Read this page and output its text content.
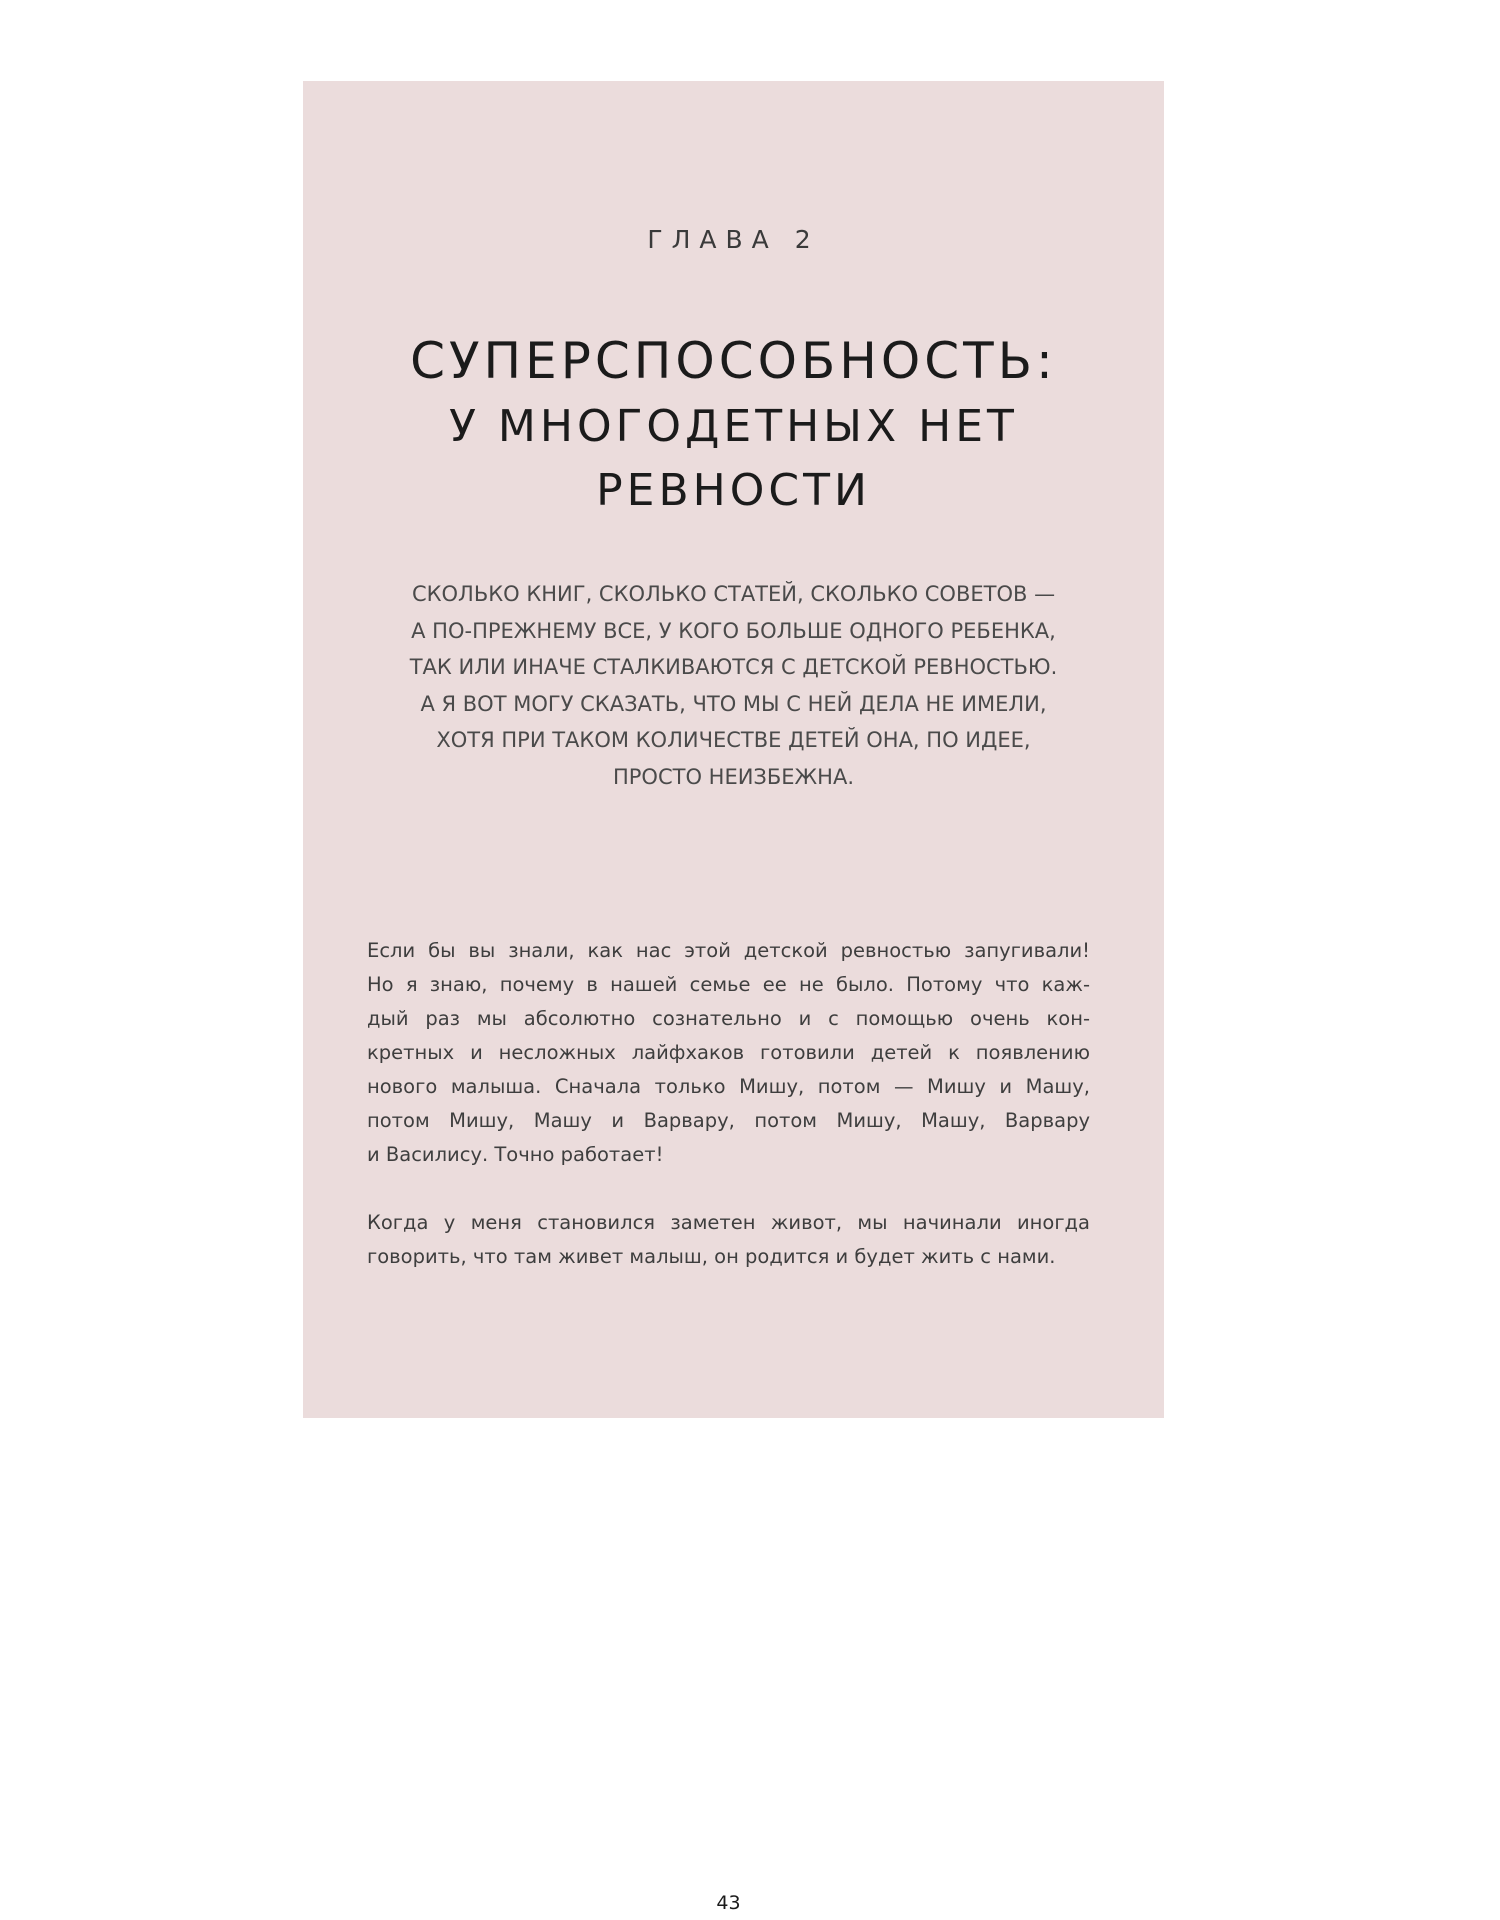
ГЛАВА 2
СУПЕРСПОСОБНОСТЬ:
У МНОГОДЕТНЫХ НЕТ
РЕВНОСТИ
СКОЛЬКО КНИГ, СКОЛЬКО СТАТЕЙ, СКОЛЬКО СОВЕТОВ —
А ПО-ПРЕЖНЕМУ ВСЕ, У КОГО БОЛЬШЕ ОДНОГО РЕБЕНКА,
ТАК ИЛИ ИНАЧЕ СТАЛКИВАЮТСЯ С ДЕТСКОЙ РЕВНОСТЬЮ.
А Я ВОТ МОГУ СКАЗАТЬ, ЧТО МЫ С НЕЙ ДЕЛА НЕ ИМЕЛИ,
ХОТЯ ПРИ ТАКОМ КОЛИЧЕСТВЕ ДЕТЕЙ ОНА, ПО ИДЕЕ,
ПРОСТО НЕИЗБЕЖНА.

Если бы вы знали, как нас этой детской ревностью запугивали!
Но я знаю, почему в нашей семье ее не было. Потому что каж-
дый раз мы абсолютно сознательно и с помощью очень кон-
кретных и несложных лайфхаков готовили детей к появлению
нового малыша. Сначала только Мишу, потом — Мишу и Машу,
потом Мишу, Машу и Варвару, потом Мишу, Машу, Варвару
и Василису. Точно работает!

Когда у меня становился заметен живот, мы начинали иногда
говорить, что там живет малыш, он родится и будет жить с нами.

43
